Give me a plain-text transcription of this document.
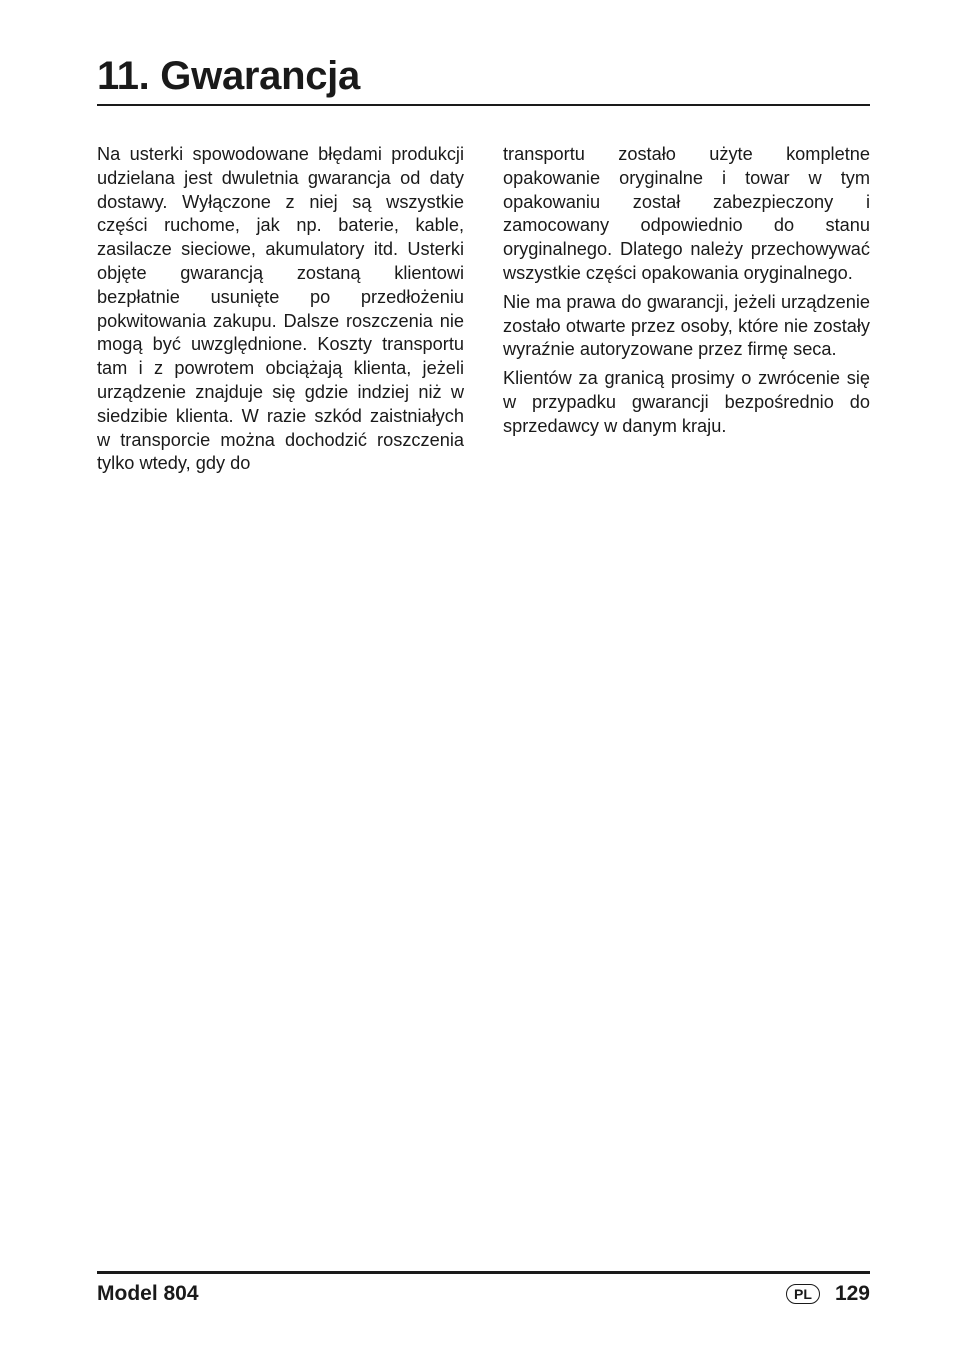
11. Gwarancja

Na usterki spowodowane błędami produkcji udzielana jest dwuletnia gwarancja od daty dostawy. Wyłączone z niej są wszystkie części ruchome, jak np. baterie, kable, zasilacze sieciowe, akumulatory itd. Usterki objęte gwarancją zostaną klientowi bezpłatnie usunięte po przedłożeniu pokwitowania zakupu. Dalsze roszczenia nie mogą być uwzględnione. Koszty transportu tam i z powrotem obciążają klienta, jeżeli urządzenie znajduje się gdzie indziej niż w siedzibie klienta. W razie szkód zaistniałych w transporcie można dochodzić roszczenia tylko wtedy, gdy do

transportu zostało użyte kompletne opakowanie oryginalne i towar w tym opakowaniu został zabezpieczony i zamocowany odpowiednio do stanu oryginalnego. Dlatego należy przechowywać wszystkie części opakowania oryginalnego.

Nie ma prawa do gwarancji, jeżeli urządzenie zostało otwarte przez osoby, które nie zostały wyraźnie autoryzowane przez firmę seca.

Klientów za granicą prosimy o zwrócenie się w przypadku gwarancji bezpośrednio do sprzedawcy w danym kraju.

Model 804	PL	129
